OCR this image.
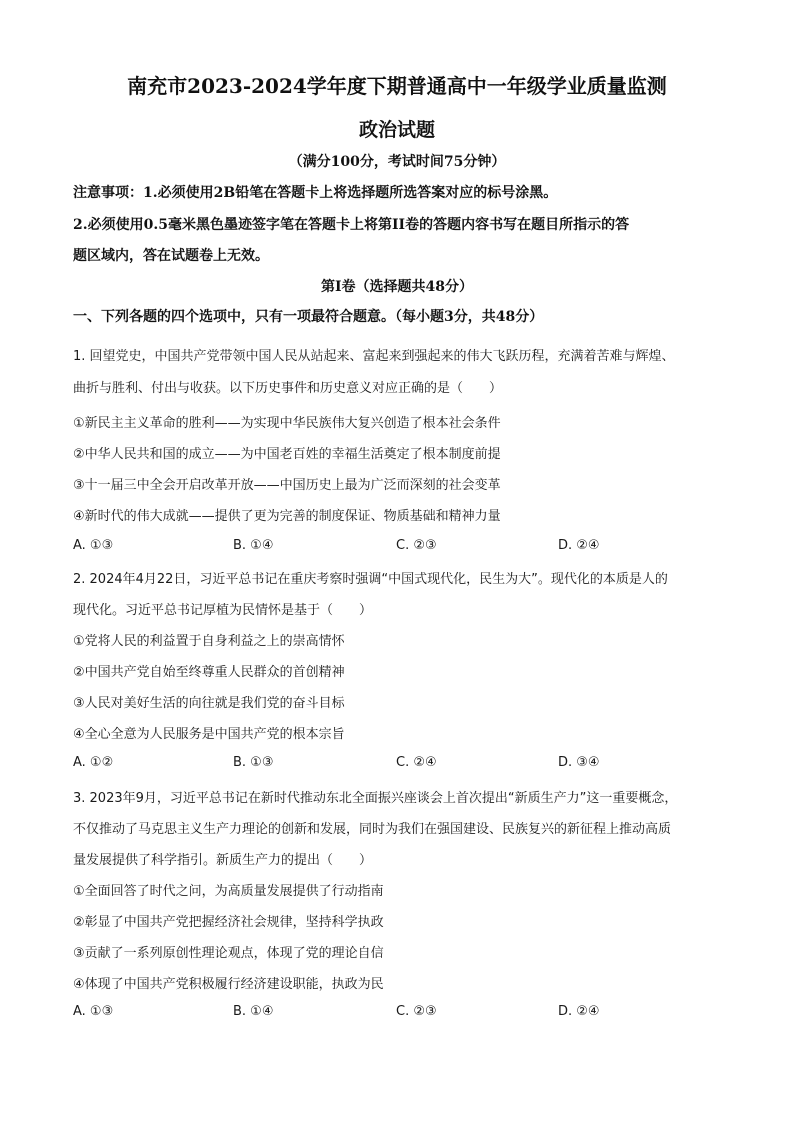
南充市2023-2024学年度下期普通高中一年级学业质量监测
政治试题
（满分100分，考试时间75分钟）
注意事项：1.必须使用2B铅笔在答题卡上将选择题所选答案对应的标号涂黑。
2.必须使用0.5毫米黑色墨迹签字笔在答题卡上将第II卷的答题内容书写在题目所指示的答
题区域内，答在试题卷上无效。
第Ⅰ卷（选择题共48分）
一、下列各题的四个选项中，只有一项最符合题意。（每小题3分，共48分）
1. 回望党史，中国共产党带领中国人民从站起来、富起来到强起来的伟大飞跃历程，充满着苦难与辉煌、
曲折与胜利、付出与收获。以下历史事件和历史意义对应正确的是（　　）
①新民主主义革命的胜利——为实现中华民族伟大复兴创造了根本社会条件
②中华人民共和国的成立——为中国老百姓的幸福生活奠定了根本制度前提
③十一届三中全会开启改革开放——中国历史上最为广泛而深刻的社会变革
④新时代的伟大成就——提供了更为完善的制度保证、物质基础和精神力量
A. ①③	B. ①④	C. ②③	D. ②④
2. 2024年4月22日，习近平总书记在重庆考察时强调“中国式现代化，民生为大”。现代化的本质是人的
现代化。习近平总书记厚植为民情怀是基于（　　）
①党将人民的利益置于自身利益之上的崇高情怀
②中国共产党自始至终尊重人民群众的首创精神
③人民对美好生活的向往就是我们党的奋斗目标
④全心全意为人民服务是中国共产党的根本宗旨
A. ①②	B. ①③	C. ②④	D. ③④
3. 2023年9月，习近平总书记在新时代推动东北全面振兴座谈会上首次提出“新质生产力”这一重要概念，
不仅推动了马克思主义生产力理论的创新和发展，同时为我们在强国建设、民族复兴的新征程上推动高质
量发展提供了科学指引。新质生产力的提出（　　）
①全面回答了时代之问，为高质量发展提供了行动指南
②彰显了中国共产党把握经济社会规律，坚持科学执政
③贡献了一系列原创性理论观点，体现了党的理论自信
④体现了中国共产党积极履行经济建设职能，执政为民
A. ①③	B. ①④	C. ②③	D. ②④
